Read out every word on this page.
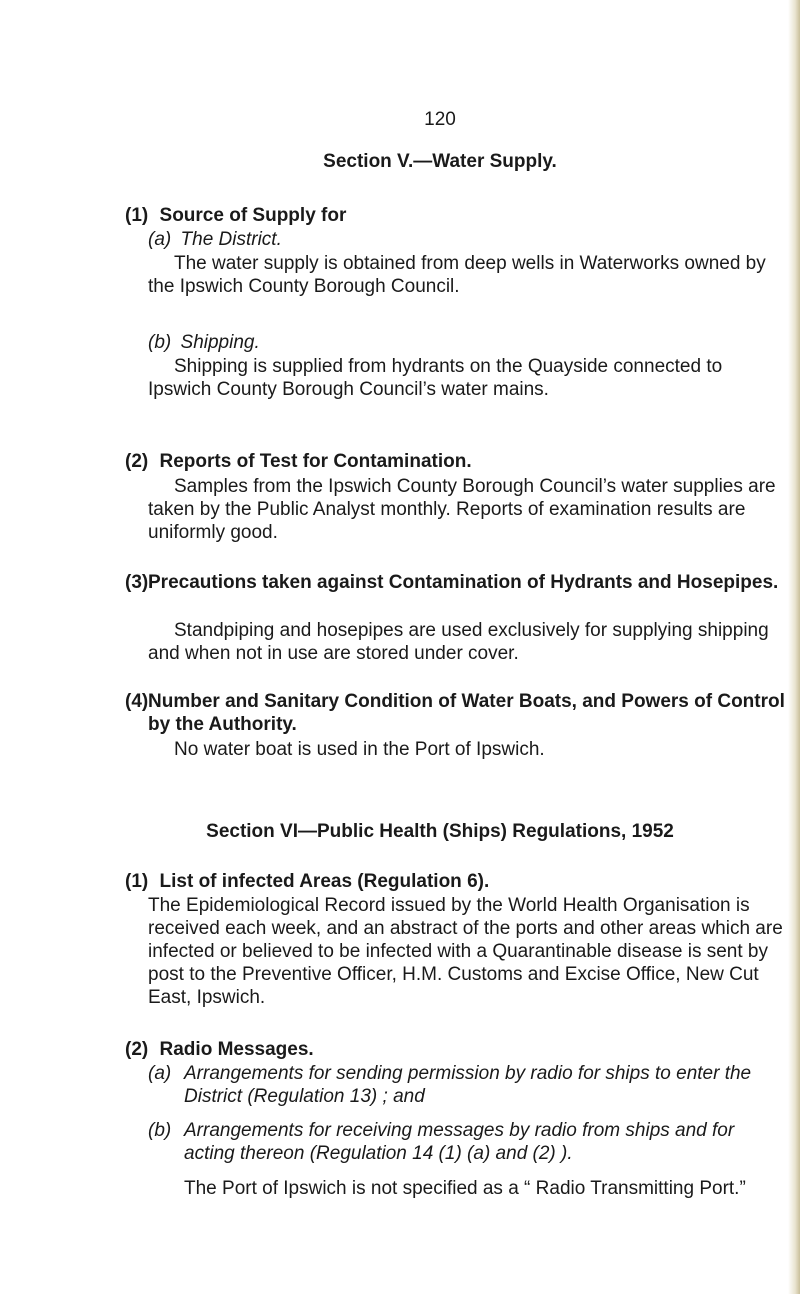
120
Section V.—Water Supply.
(1) Source of Supply for
(a) The District.
The water supply is obtained from deep wells in Waterworks owned by the Ipswich County Borough Council.
(b) Shipping.
Shipping is supplied from hydrants on the Quayside connected to Ipswich County Borough Council’s water mains.
(2) Reports of Test for Contamination.
Samples from the Ipswich County Borough Council’s water supplies are taken by the Public Analyst monthly. Reports of examination results are uniformly good.
(3) Precautions taken against Contamination of Hydrants and Hosepipes.
Standpiping and hosepipes are used exclusively for supplying shipping and when not in use are stored under cover.
(4) Number and Sanitary Condition of Water Boats, and Powers of Control by the Authority.
No water boat is used in the Port of Ipswich.
Section VI—Public Health (Ships) Regulations, 1952
(1) List of infected Areas (Regulation 6).
The Epidemiological Record issued by the World Health Organisation is received each week, and an abstract of the ports and other areas which are infected or believed to be infected with a Quarantinable disease is sent by post to the Preventive Officer, H.M. Customs and Excise Office, New Cut East, Ipswich.
(2) Radio Messages.
(a) Arrangements for sending permission by radio for ships to enter the District (Regulation 13) ; and
(b) Arrangements for receiving messages by radio from ships and for acting thereon (Regulation 14 (1) (a) and (2) ).
The Port of Ipswich is not specified as a “ Radio Transmitting Port.”
